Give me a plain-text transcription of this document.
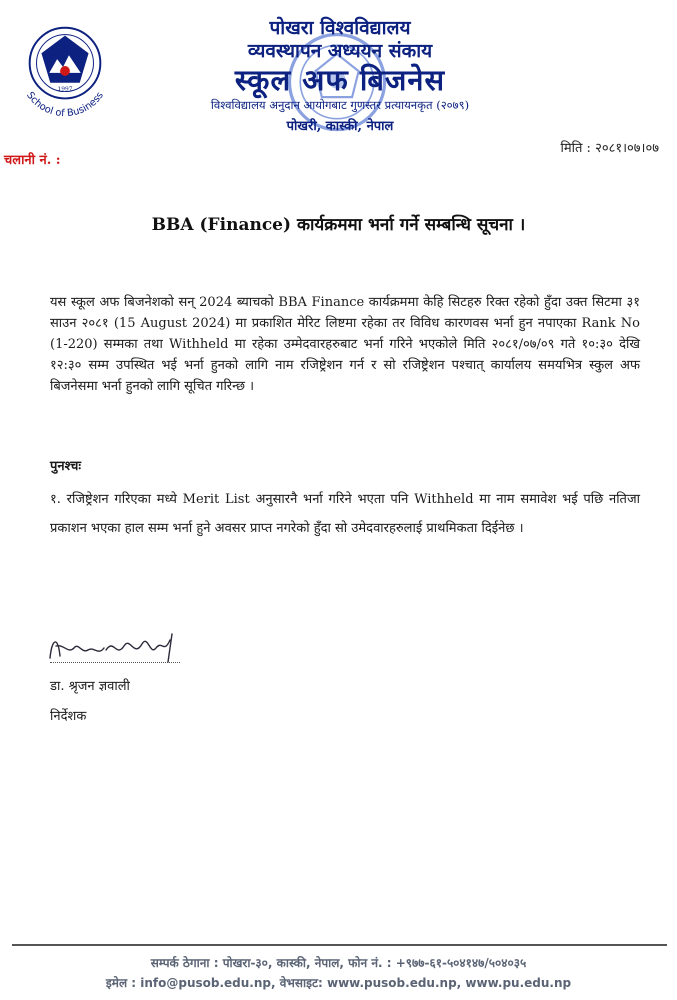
1997
School of Business
पोखरा विश्वविद्यालय
व्यवस्थापन अध्ययन संकाय
स्कूल अफ बिजनेस
विश्वविद्यालय अनुदान आयोगबाट गुणस्तर प्रत्यायनकृत (२०७९)
पोखरी, कास्की, नेपाल
चलानी नं. :
मिति : २०८१।०७।०७
BBA (Finance) कार्यक्रममा भर्ना गर्ने सम्बन्धि सूचना ।
यस स्कूल अफ बिजनेशको सन् 2024 ब्याचको BBA Finance कार्यक्रममा केहि सिटहरु रिक्त रहेको हुँदा उक्त सिटमा ३१ साउन २०८१ (15 August 2024) मा प्रकाशित मेरिट लिष्टमा रहेका तर विविध कारणवस भर्ना हुन नपाएका Rank No (1-220) सम्मका तथा Withheld मा रहेका उम्मेदवारहरुबाट भर्ना गरिने भएकोले मिति २०८१/०७/०९ गते १०:३० देखि १२:३० सम्म उपस्थित भई भर्ना हुनको लागि नाम रजिष्ट्रेशन गर्न र सो रजिष्ट्रेशन पश्चात् कार्यालय समयभित्र स्कुल अफ बिजनेसमा भर्ना हुनको लागि सूचित गरिन्छ ।
पुनश्चः
१. रजिष्ट्रेशन गरिएका मध्ये Merit List अनुसारनै भर्ना गरिने भएता पनि Withheld मा नाम समावेश भई पछि नतिजा प्रकाशन भएका हाल सम्म भर्ना हुने अवसर प्राप्त नगरेको हुँदा सो उमेदवारहरुलाई प्राथमिकता दिईनेछ ।
डा. श्रृजन ज्ञवाली
निर्देशक
सम्पर्क ठेगाना : पोखरा-३०, कास्की, नेपाल, फोन नं. : +९७७-६१-५०४१४७/५०४०३५
इमेल : info@pusob.edu.np, वेभसाइट: www.pusob.edu.np, www.pu.edu.np
